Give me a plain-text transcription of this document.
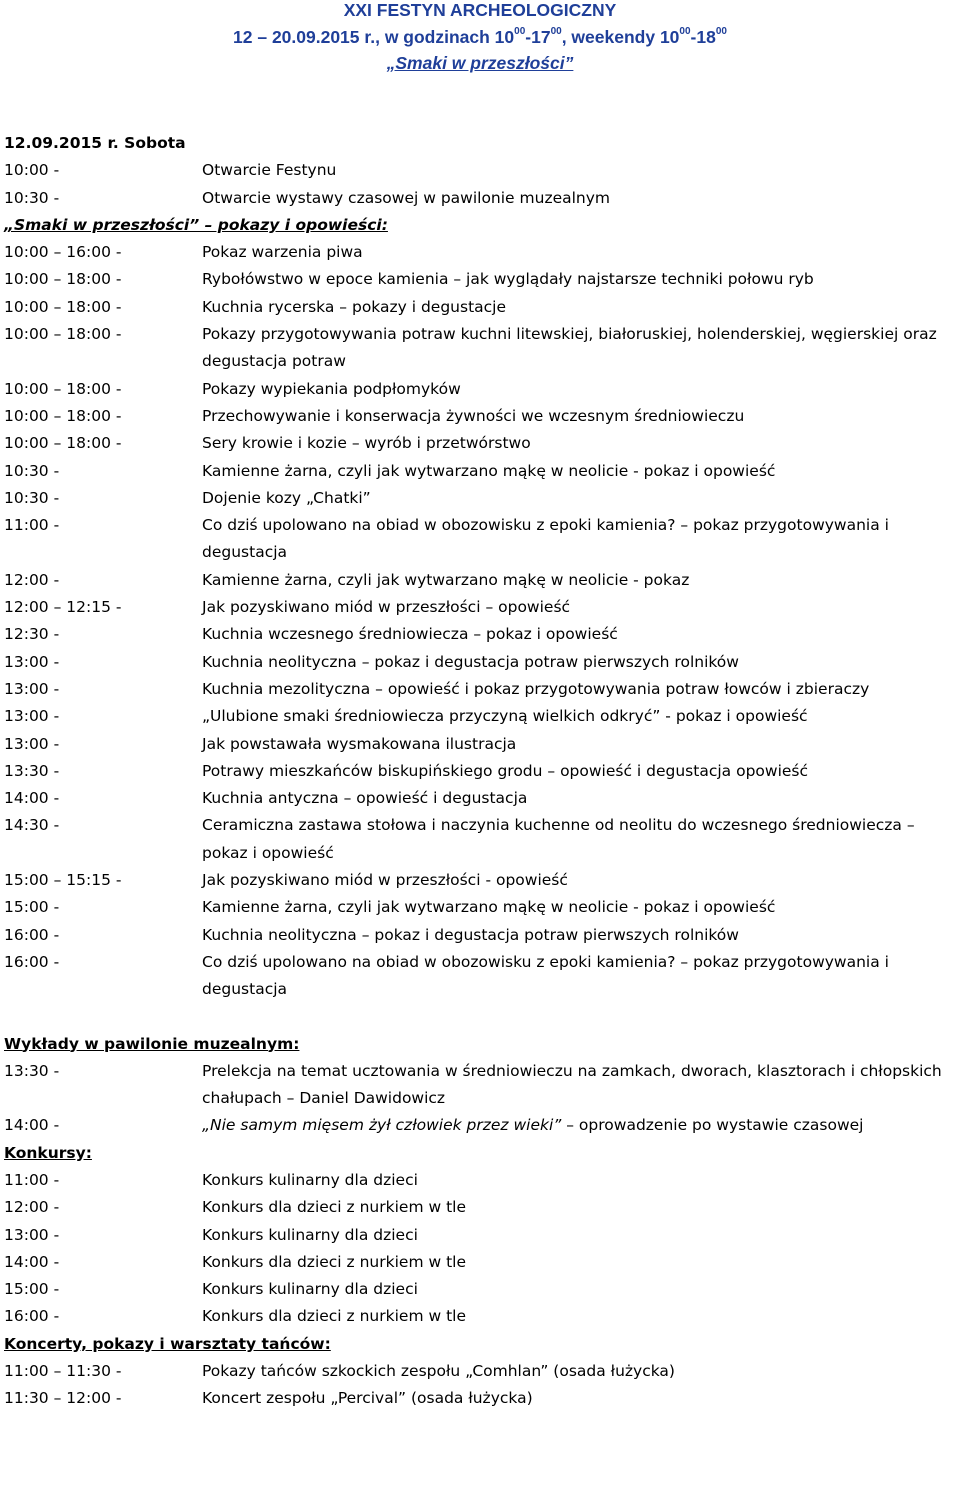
XXI FESTYN ARCHEOLOGICZNY
12 – 20.09.2015 r., w godzinach $10^{00}-17^{00}$, weekendy $10^{00}-18^{00}$
„Smaki w przeszłości”
12.09.2015 r. Sobota
10:00 -	Otwarcie Festynu
10:30 -	Otwarcie wystawy czasowej w pawilonie muzealnym
„Smaki w przeszłości” – pokazy i opowieści:
10:00 – 16:00 -	Pokaz warzenia piwa
10:00 – 18:00 -	Rybołówstwo w epoce kamienia – jak wyglądały najstarsze techniki połowu ryb
10:00 – 18:00 -	Kuchnia rycerska – pokazy i degustacje
10:00 – 18:00 -	Pokazy przygotowywania potraw kuchni litewskiej, białoruskiej, holenderskiej, węgierskiej oraz degustacja potraw
10:00 – 18:00 -	Pokazy wypiekania podpłomyków
10:00 – 18:00 -	Przechowywanie i konserwacja żywności we wczesnym średniowieczu
10:00 – 18:00 -	Sery krowie i kozie – wyrób i przetwórstwo
10:30 -	Kamienne żarna, czyli jak wytwarzano mąkę w neolicie - pokaz i opowieść
10:30 -	Dojenie kozy „Chatki”
11:00 -	Co dziś upolowano na obiad w obozowisku z epoki kamienia? – pokaz przygotowywania i degustacja
12:00 -	Kamienne żarna, czyli jak wytwarzano mąkę w neolicie - pokaz
12:00 – 12:15 -	Jak pozyskiwano miód w przeszłości – opowieść
12:30 -	Kuchnia wczesnego średniowiecza – pokaz i opowieść
13:00 -	Kuchnia neolityczna – pokaz i degustacja potraw pierwszych rolników
13:00 -	Kuchnia mezolityczna – opowieść i pokaz przygotowywania potraw łowców i zbieraczy
13:00 -	„Ulubione smaki średniowiecza przyczyną wielkich odkryć” - pokaz i opowieść
13:00 -	Jak powstawała wysmakowana ilustracja
13:30 -	Potrawy mieszkańców biskupińskiego grodu – opowieść i degustacja opowieść
14:00 -	Kuchnia antyczna – opowieść i degustacja
14:30 -	Ceramiczna zastawa stołowa i naczynia kuchenne od neolitu do wczesnego średniowiecza – pokaz i opowieść
15:00 – 15:15 -	Jak pozyskiwano miód w przeszłości - opowieść
15:00 -	Kamienne żarna, czyli jak wytwarzano mąkę w neolicie - pokaz i opowieść
16:00 -	Kuchnia neolityczna – pokaz i degustacja potraw pierwszych rolników
16:00 -	Co dziś upolowano na obiad w obozowisku z epoki kamienia? – pokaz przygotowywania i degustacja
Wykłady w pawilonie muzealnym:
13:30 -	Prelekcja na temat ucztowania w średniowieczu na zamkach, dworach, klasztorach i chłopskich chałupach – Daniel Dawidowicz
14:00 -	„Nie samym mięsem żył człowiek przez wieki” – oprowadzenie po wystawie czasowej
Konkursy:
11:00 -	Konkurs kulinarny dla dzieci
12:00 -	Konkurs dla dzieci z nurkiem w tle
13:00 -	Konkurs kulinarny dla dzieci
14:00 -	Konkurs dla dzieci z nurkiem w tle
15:00 -	Konkurs kulinarny dla dzieci
16:00 -	Konkurs dla dzieci z nurkiem w tle
Koncerty, pokazy i warsztaty tańców:
11:00 – 11:30 -	Pokazy tańców szkockich zespołu „Comhlan” (osada łużycka)
11:30 – 12:00 -	Koncert zespołu „Percival” (osada łużycka)
